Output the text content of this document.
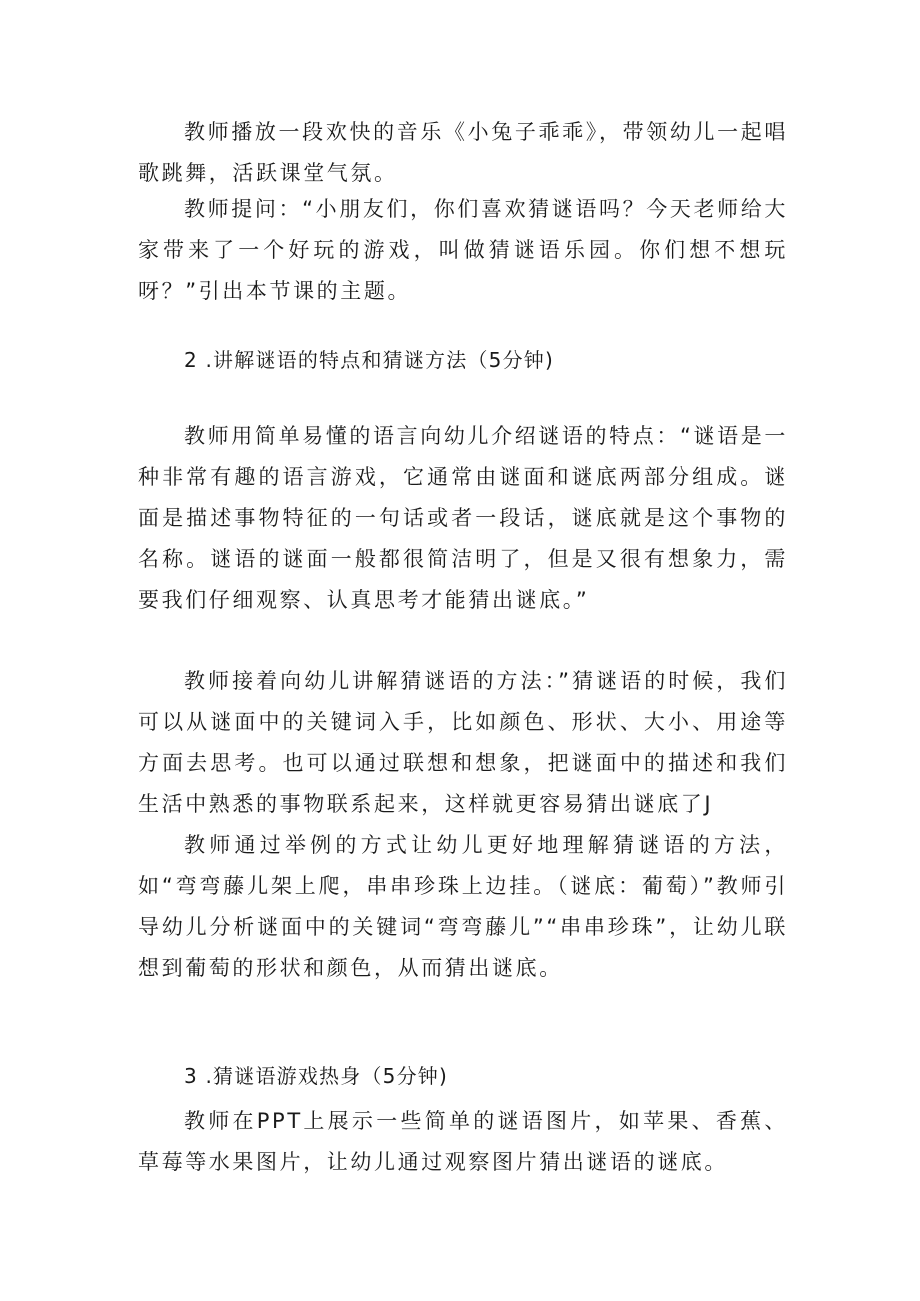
教师播放一段欢快的音乐《小兔子乖乖》，带领幼儿一起唱歌跳舞，活跃课堂气氛。

教师提问：“小朋友们，你们喜欢猜谜语吗？今天老师给大家带来了一个好玩的游戏，叫做猜谜语乐园。你们想不想玩呀？”引出本节课的主题。

2 .讲解谜语的特点和猜谜方法（5分钟)

教师用简单易懂的语言向幼儿介绍谜语的特点：“谜语是一种非常有趣的语言游戏，它通常由谜面和谜底两部分组成。谜面是描述事物特征的一句话或者一段话，谜底就是这个事物的名称。谜语的谜面一般都很简洁明了，但是又很有想象力，需要我们仔细观察、认真思考才能猜出谜底。”

教师接着向幼儿讲解猜谜语的方法：”猜谜语的时候，我们可以从谜面中的关键词入手，比如颜色、形状、大小、用途等方面去思考。也可以通过联想和想象，把谜面中的描述和我们生活中熟悉的事物联系起来，这样就更容易猜出谜底了J

教师通过举例的方式让幼儿更好地理解猜谜语的方法，如“弯弯藤儿架上爬，串串珍珠上边挂。（谜底：葡萄）”教师引导幼儿分析谜面中的关键词“弯弯藤儿”“串串珍珠”，让幼儿联想到葡萄的形状和颜色，从而猜出谜底。

3 .猜谜语游戏热身（5分钟)

教师在PPT上展示一些简单的谜语图片，如苹果、香蕉、草莓等水果图片，让幼儿通过观察图片猜出谜语的谜底。
